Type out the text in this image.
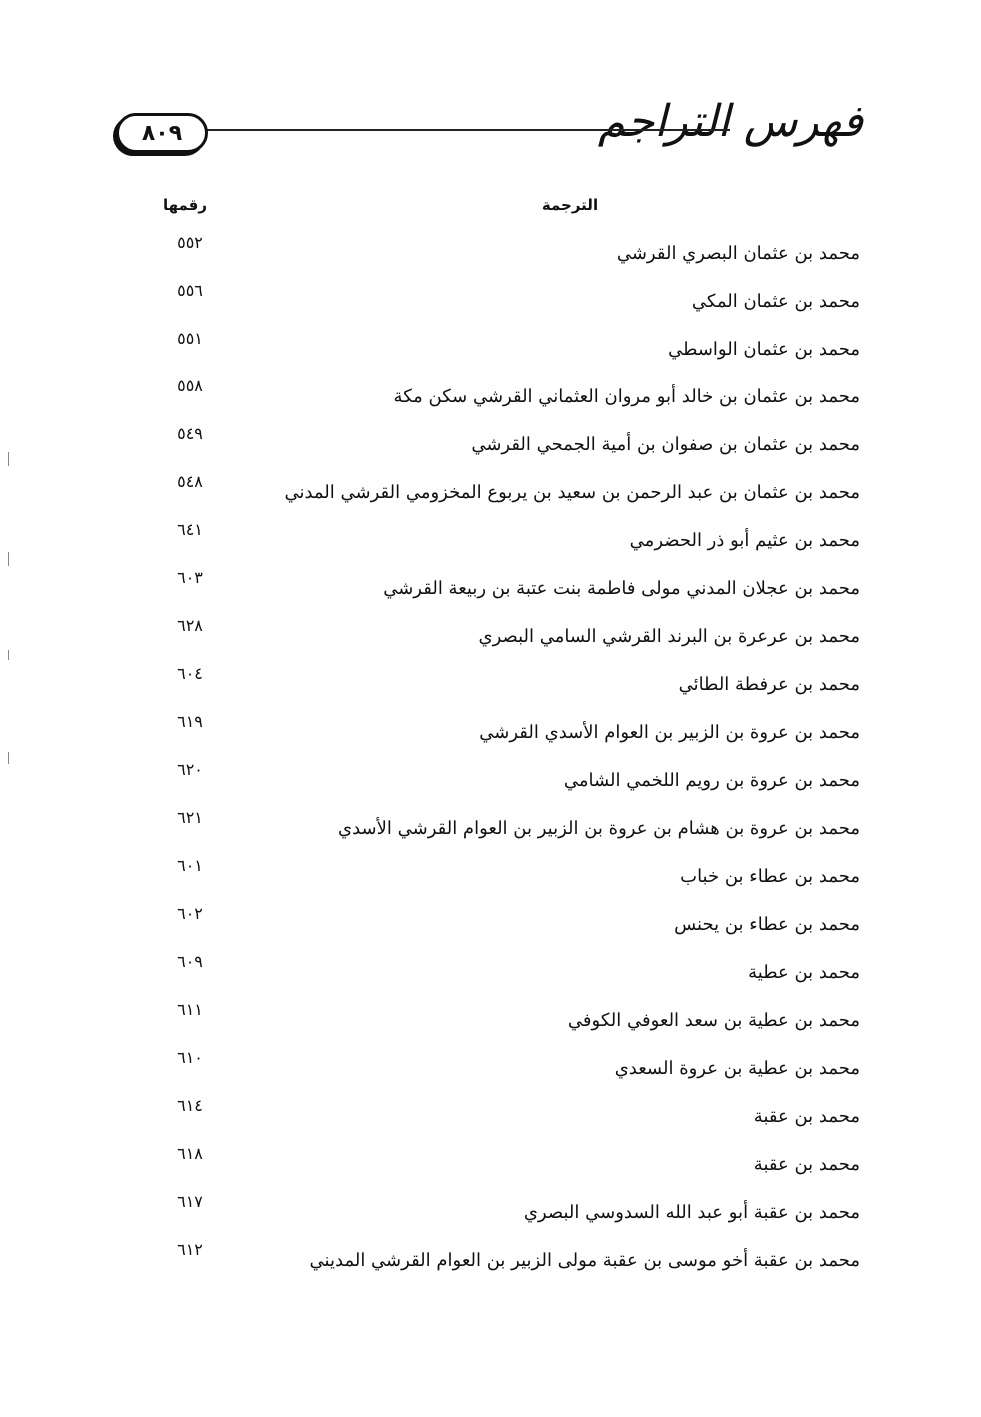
فهرس التراجم
٨٠٩
الترجمة
رقمها
٥٥٢
محمد بن عثمان البصري القرشي
٥٥٦
محمد بن عثمان المكي
٥٥١
محمد بن عثمان الواسطي
٥٥٨
محمد بن عثمان بن خالد أبو مروان العثماني القرشي سكن مكة
٥٤٩
محمد بن عثمان بن صفوان بن أمية الجمحي القرشي
٥٤٨
محمد بن عثمان بن عبد الرحمن بن سعيد بن يربوع المخزومي القرشي المدني
٦٤١
محمد بن عثيم أبو ذر الحضرمي
٦٠٣
محمد بن عجلان المدني مولى فاطمة بنت عتبة بن ربيعة القرشي
٦٢٨
محمد بن عرعرة بن البرند القرشي السامي البصري
٦٠٤
محمد بن عرفطة الطائي
٦١٩
محمد بن عروة بن الزبير بن العوام الأسدي القرشي
٦٢٠
محمد بن عروة بن رويم اللخمي الشامي
٦٢١
محمد بن عروة بن هشام بن عروة بن الزبير بن العوام القرشي الأسدي
٦٠١
محمد بن عطاء بن خباب
٦٠٢
محمد بن عطاء بن يحنس
٦٠٩
محمد بن عطية
٦١١
محمد بن عطية بن سعد العوفي الكوفي
٦١٠
محمد بن عطية بن عروة السعدي
٦١٤
محمد بن عقبة
٦١٨
محمد بن عقبة
٦١٧
محمد بن عقبة أبو عبد الله السدوسي البصري
٦١٢
محمد بن عقبة أخو موسى بن عقبة مولى الزبير بن العوام القرشي المديني
